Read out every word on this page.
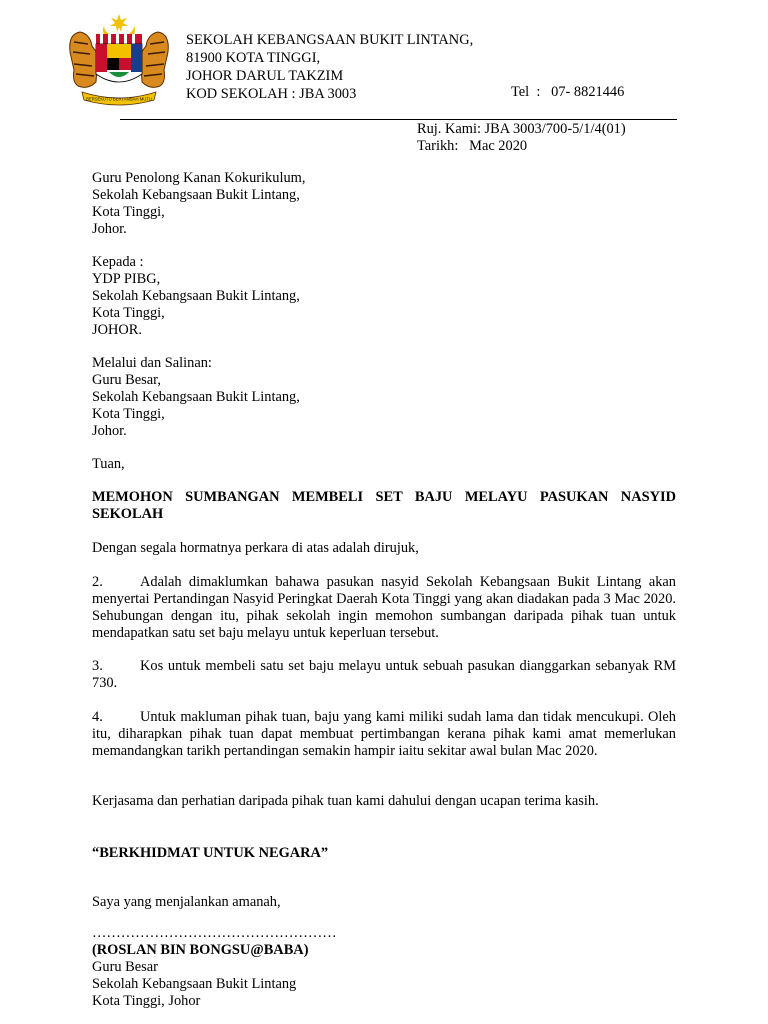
BERSEKUTU BERTAMBAH MUTU
SEKOLAH KEBANGSAAN BUKIT LINTANG,
81900 KOTA TINGGI,
JOHOR DARUL TAKZIM
KOD SEKOLAH : JBA 3003	Tel  :   07- 8821446
Ruj. Kami: JBA 3003/700-5/1/4(01)
Tarikh:   Mac 2020
Guru Penolong Kanan Kokurikulum,
Sekolah Kebangsaan Bukit Lintang,
Kota Tinggi,
Johor.
Kepada :
YDP PIBG,
Sekolah Kebangsaan Bukit Lintang,
Kota Tinggi,
JOHOR.
Melalui dan Salinan:
Guru Besar,
Sekolah Kebangsaan Bukit Lintang,
Kota Tinggi,
Johor.
Tuan,
MEMOHON SUMBANGAN MEMBELI SET BAJU MELAYU PASUKAN NASYID SEKOLAH
Dengan segala hormatnya perkara di atas adalah dirujuk,
2.	Adalah dimaklumkan bahawa pasukan nasyid Sekolah Kebangsaan Bukit Lintang akan menyertai Pertandingan Nasyid Peringkat Daerah Kota Tinggi yang akan diadakan pada 3 Mac 2020. Sehubungan dengan itu, pihak sekolah ingin memohon sumbangan daripada pihak tuan untuk mendapatkan satu set baju melayu untuk keperluan tersebut.
3.	Kos untuk membeli satu set baju melayu untuk sebuah pasukan dianggarkan sebanyak RM 730.
4.	Untuk makluman pihak tuan, baju yang kami miliki sudah lama dan tidak mencukupi. Oleh itu, diharapkan pihak tuan dapat membuat pertimbangan kerana pihak kami amat memerlukan memandangkan tarikh pertandingan semakin hampir iaitu sekitar awal bulan Mac 2020.
Kerjasama dan perhatian daripada pihak tuan kami dahului dengan ucapan terima kasih.
“BERKHIDMAT UNTUK NEGARA”
Saya yang menjalankan amanah,
……………………………………………
(ROSLAN BIN BONGSU@BABA)
Guru Besar
Sekolah Kebangsaan Bukit Lintang
Kota Tinggi, Johor
